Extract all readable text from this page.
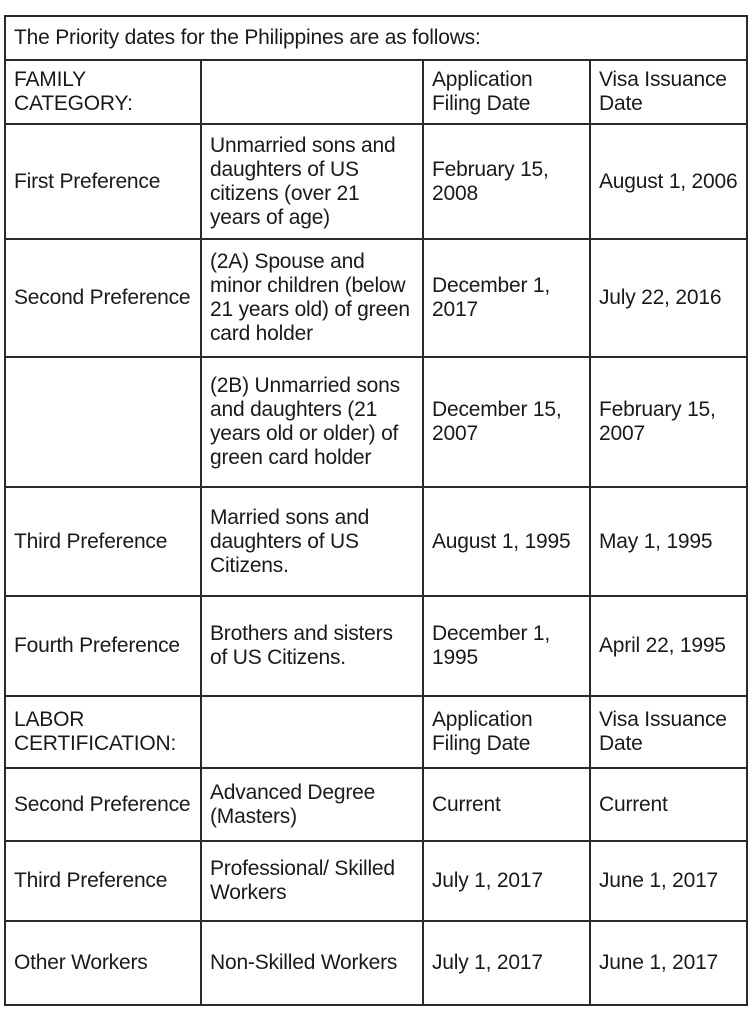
The Priority dates for the Philippines are as follows:			
FAMILY CATEGORY:		Application Filing Date	Visa Issuance Date
First Preference	Unmarried sons and daughters of US citizens (over 21 years of age)	February 15, 2008	August 1, 2006
Second Preference	(2A) Spouse and minor children (below 21 years old) of green card holder	December 1, 2017	July 22, 2016
	(2B) Unmarried sons and daughters (21 years old or older) of green card holder	December 15, 2007	February 15, 2007
Third Preference	Married sons and daughters of US Citizens.	August 1, 1995	May 1, 1995
Fourth Preference	Brothers and sisters of US Citizens.	December 1, 1995	April 22, 1995
LABOR CERTIFICATION:		Application Filing Date	Visa Issuance Date
Second Preference	Advanced Degree (Masters)	Current	Current
Third Preference	Professional/ Skilled Workers	July 1, 2017	June 1, 2017
Other Workers	Non-Skilled Workers	July 1, 2017	June 1, 2017
